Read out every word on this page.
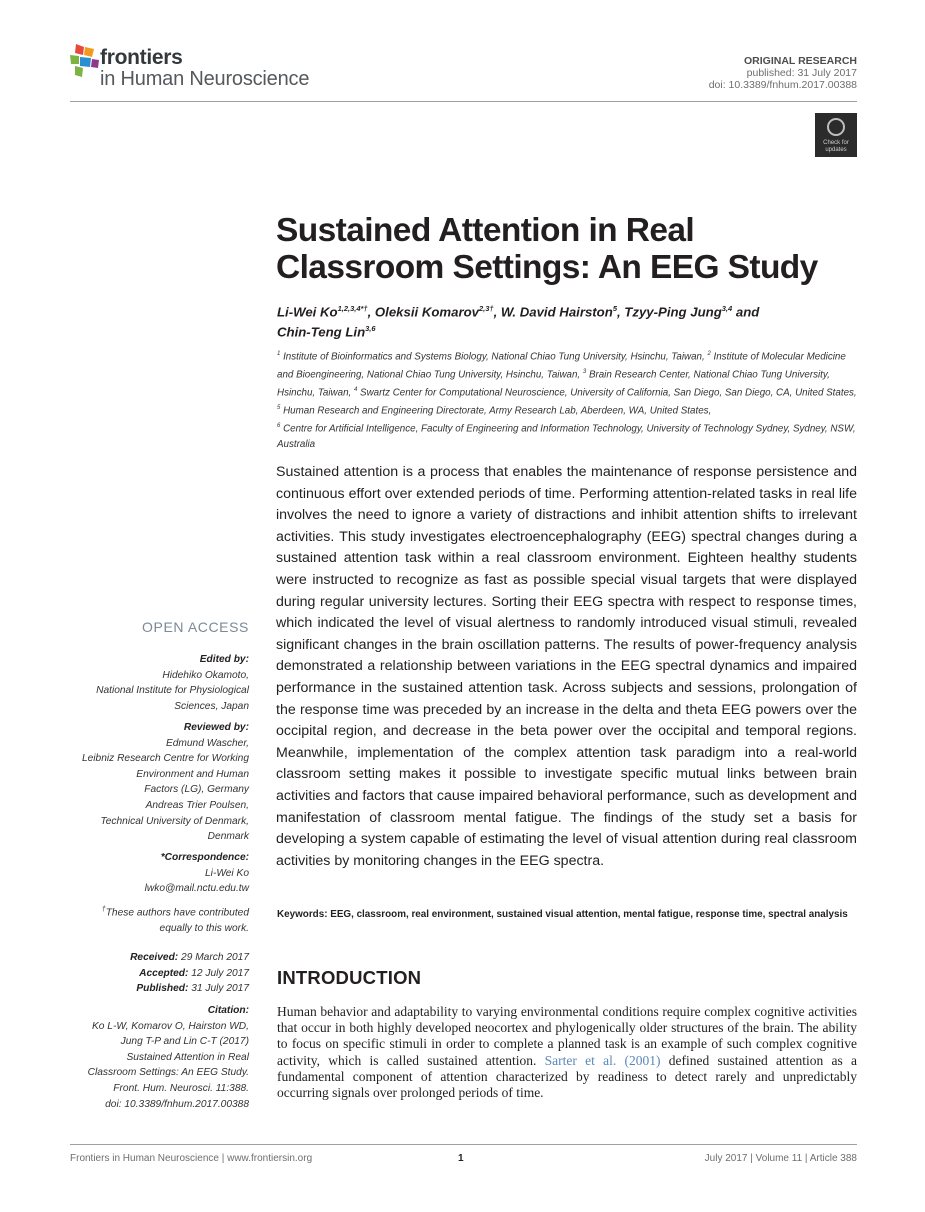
frontiers
in Human Neuroscience
ORIGINAL RESEARCH
published: 31 July 2017
doi: 10.3389/fnhum.2017.00388
Check for
updates
Sustained Attention in Real
Classroom Settings: An EEG Study
Li-Wei $Ko^{1,2,3,4*\dagger}$, Oleksii Komarov$^{2,3\dagger}$, W. David Hairston$^5$, Tzyy-Ping Jung$^{3,4}$ and
Chin-Teng Lin$^{3,6}$
$^1$ Institute of Bioinformatics and Systems Biology, National Chiao Tung University, Hsinchu, Taiwan, $^2$ Institute of Molecular Medicine and Bioengineering, National Chiao Tung University, Hsinchu, Taiwan, $^3$ Brain Research Center, National Chiao Tung University, Hsinchu, Taiwan, $^4$ Swartz Center for Computational Neuroscience, University of California, San Diego, San Diego, CA, United States, $^5$ Human Research and Engineering Directorate, Army Research Lab, Aberdeen, WA, United States,
$^6$ Centre for Artificial Intelligence, Faculty of Engineering and Information Technology, University of Technology Sydney, Sydney, NSW, Australia
Sustained attention is a process that enables the maintenance of response persistence and continuous effort over extended periods of time. Performing attention-related tasks in real life involves the need to ignore a variety of distractions and inhibit attention shifts to irrelevant activities. This study investigates electroencephalography (EEG) spectral changes during a sustained attention task within a real classroom environment. Eighteen healthy students were instructed to recognize as fast as possible special visual targets that were displayed during regular university lectures. Sorting their EEG spectra with respect to response times, which indicated the level of visual alertness to randomly introduced visual stimuli, revealed significant changes in the brain oscillation patterns. The results of power-frequency analysis demonstrated a relationship between variations in the EEG spectral dynamics and impaired performance in the sustained attention task. Across subjects and sessions, prolongation of the response time was preceded by an increase in the delta and theta EEG powers over the occipital region, and decrease in the beta power over the occipital and temporal regions. Meanwhile, implementation of the complex attention task paradigm into a real-world classroom setting makes it possible to investigate specific mutual links between brain activities and factors that cause impaired behavioral performance, such as development and manifestation of classroom mental fatigue. The findings of the study set a basis for developing a system capable of estimating the level of visual attention during real classroom activities by monitoring changes in the EEG spectra.
Keywords: EEG, classroom, real environment, sustained visual attention, mental fatigue, response time, spectral analysis
INTRODUCTION
Human behavior and adaptability to varying environmental conditions require complex cognitive activities that occur in both highly developed neocortex and phylogenically older structures of the brain. The ability to focus on specific stimuli in order to complete a planned task is an example of such complex cognitive activity, which is called sustained attention. Sarter et al. (2001) defined sustained attention as a fundamental component of attention characterized by readiness to detect rarely and unpredictably occurring signals over prolonged periods of time.
OPEN ACCESS

Edited by:

Hidehiko Okamoto,

National Institute for Physiological

Sciences, Japan

Reviewed by:

Edmund Wascher,

Leibniz Research Centre for Working

Environment and Human

Factors (LG), Germany

Andreas Trier Poulsen,

Technical University of Denmark,

Denmark

*Correspondence:

Li-Wei Ko

lwko@mail.nctu.edu.tw

†These authors have contributed

equally to this work.

Received: 29 March 2017

Accepted: 12 July 2017

Published: 31 July 2017

Citation:

Ko L-W, Komarov O, Hairston WD,

Jung T-P and Lin C-T (2017)

Sustained Attention in Real

Classroom Settings: An EEG Study.

Front. Hum. Neurosci. 11:388.

doi: 10.3389/fnhum.2017.00388

Frontiers in Human Neuroscience | www.frontiersin.org	1	July 2017 | Volume 11 | Article 388
